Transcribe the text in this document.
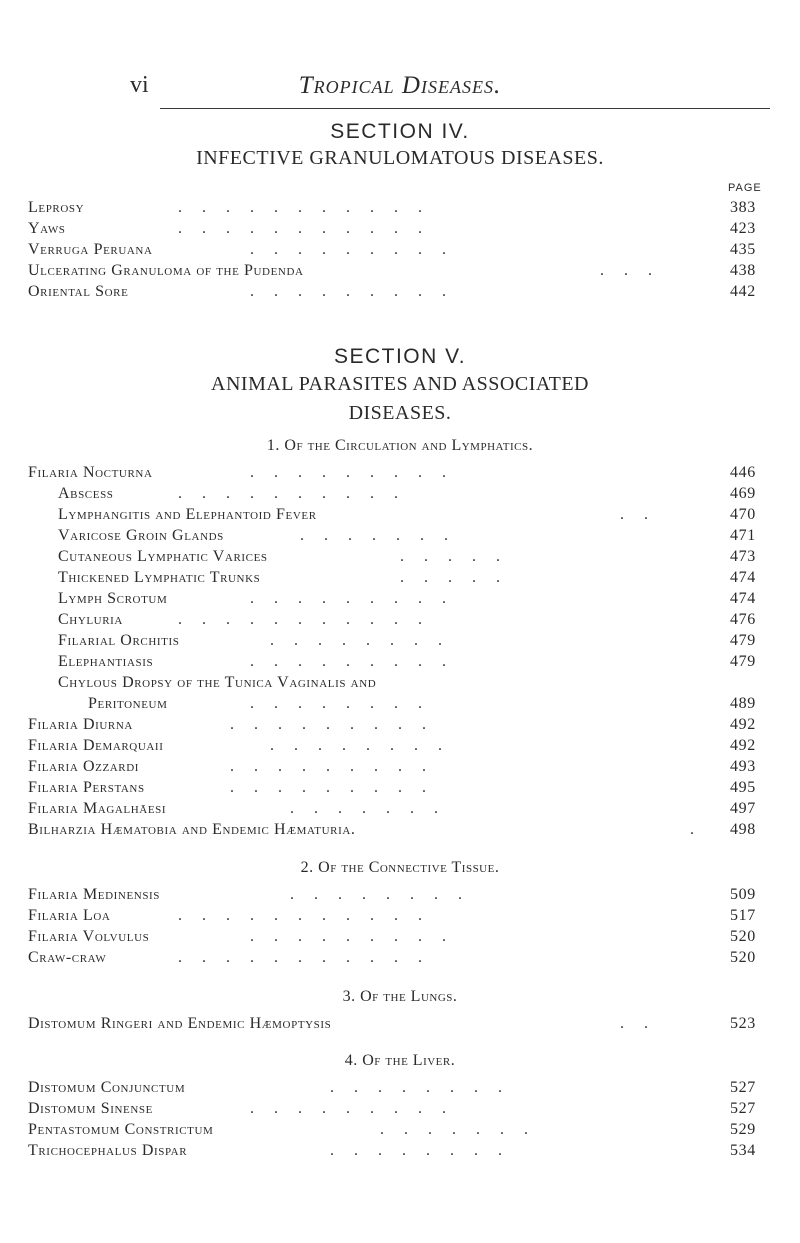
vi	Tropical Diseases.
SECTION IV.
INFECTIVE GRANULOMATOUS DISEASES.
PAGE
Leprosy	. . . . . . . . . . .	383
Yaws	. . . . . . . . . . .	423
Verruga Peruana	. . . . . . . . .	435
Ulcerating Granuloma of the Pudenda	. . .	438
Oriental Sore	. . . . . . . . .	442
SECTION V.
ANIMAL PARASITES AND ASSOCIATED
DISEASES.
1. Of the Circulation and Lymphatics.
Filaria Nocturna	. . . . . . . . .	446
Abscess	. . . . . . . . . .	469
Lymphangitis and Elephantoid Fever	. .	470
Varicose Groin Glands	. . . . . . .	471
Cutaneous Lymphatic Varices	. . . . .	473
Thickened Lymphatic Trunks	. . . . .	474
Lymph Scrotum	. . . . . . . . .	474
Chyluria	. . . . . . . . . . .	476
Filarial Orchitis	. . . . . . . .	479
Elephantiasis	. . . . . . . . .	479
Chylous Dropsy of the Tunica Vaginalis and
Peritoneum	. . . . . . . .	489
Filaria Diurna	. . . . . . . . .	492
Filaria Demarquaii	. . . . . . . .	492
Filaria Ozzardi	. . . . . . . . .	493
Filaria Perstans	. . . . . . . . .	495
Filaria Magalhāesi	. . . . . . .	497
Bilharzia Hæmatobia and Endemic Hæmaturia.	.	498
2. Of the Connective Tissue.
Filaria Medinensis	. . . . . . . .	509
Filaria Loa	. . . . . . . . . . .	517
Filaria Volvulus	. . . . . . . . .	520
Craw-craw	. . . . . . . . . . .	520
3. Of the Lungs.
Distomum Ringeri and Endemic Hæmoptysis	. .	523
4. Of the Liver.
Distomum Conjunctum	. . . . . . . .	527
Distomum Sinense	. . . . . . . . .	527
Pentastomum Constrictum	. . . . . . .	529
Trichocephalus Dispar	. . . . . . . .	534
